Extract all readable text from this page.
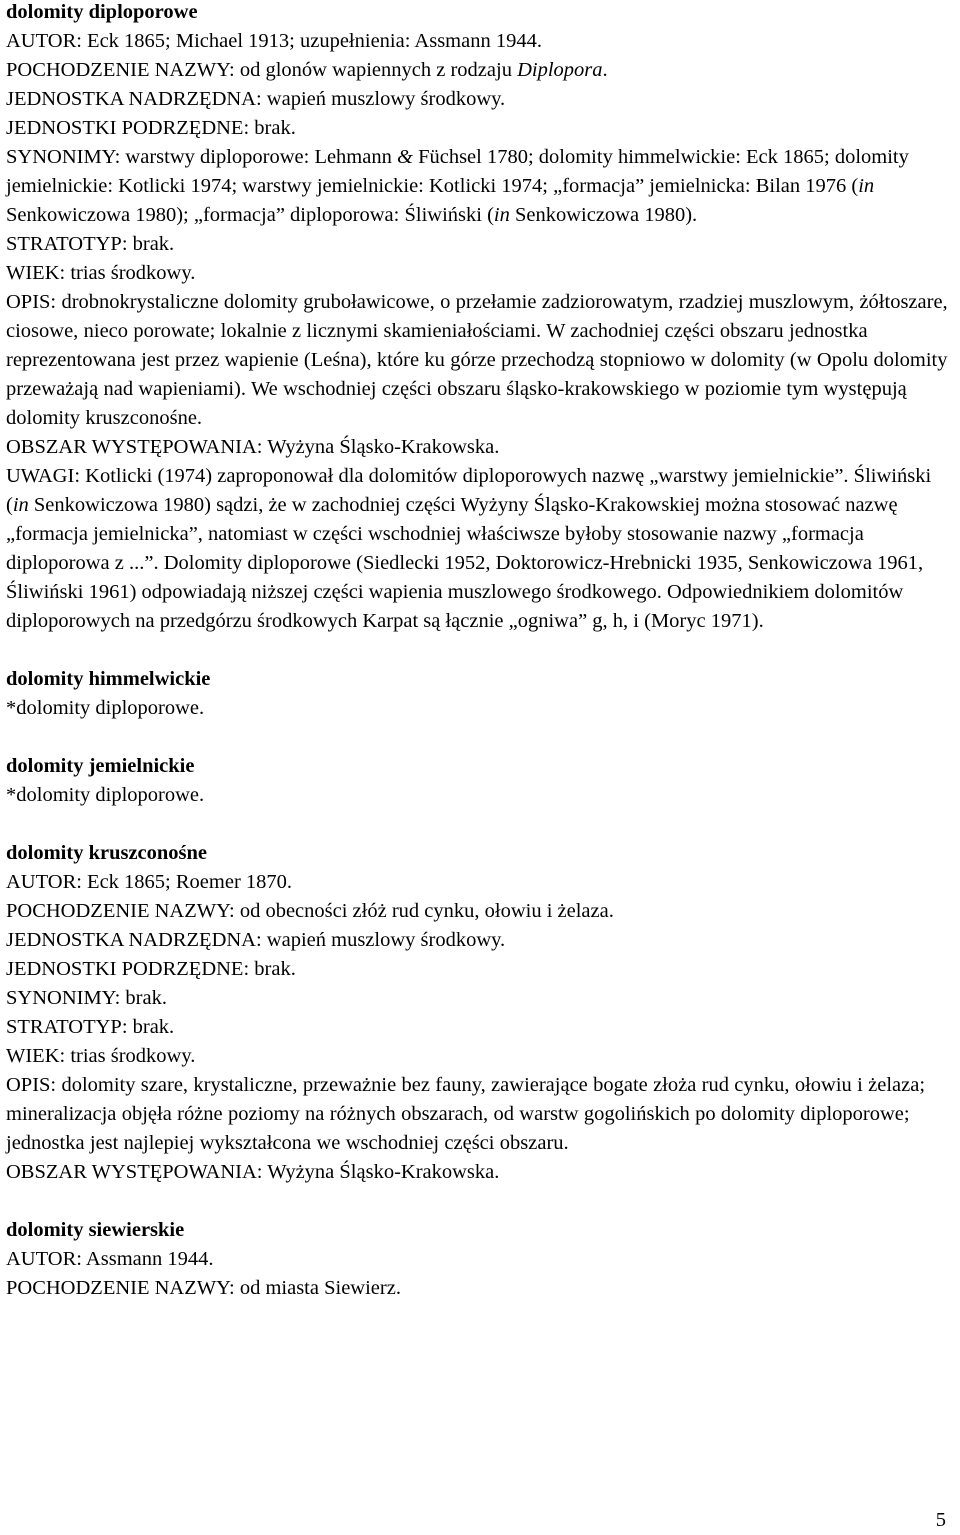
dolomity diploporowe
AUTOR: Eck 1865; Michael 1913; uzupełnienia: Assmann 1944.
POCHODZENIE NAZWY: od glonów wapiennych z rodzaju Diplopora.
JEDNOSTKA NADRZĘDNA: wapień muszlowy środkowy.
JEDNOSTKI PODRZĘDNE: brak.
SYNONIMY: warstwy diploporowe: Lehmann & Füchsel 1780; dolomity himmelwickie: Eck 1865; dolomity jemielnickie: Kotlicki 1974; warstwy jemielnickie: Kotlicki 1974; „formacja” jemielnicka: Bilan 1976 (in Senkowiczowa 1980); „formacja” diploporowa: Śliwiński (in Senkowiczowa 1980).
STRATOTYP: brak.
WIEK: trias środkowy.
OPIS: drobnokrystaliczne dolomity gruboławicowe, o przełamie zadziorowatym, rzadziej muszlowym, żółtoszare, ciosowe, nieco porowate; lokalnie z licznymi skamieniałościami. W zachodniej części obszaru jednostka reprezentowana jest przez wapienie (Leśna), które ku górze przechodzą stopniowo w dolomity (w Opolu dolomity przeważają nad wapieniami). We wschodniej części obszaru śląsko-krakowskiego w poziomie tym występują dolomity kruszconośne.
OBSZAR WYSTĘPOWANIA: Wyżyna Śląsko-Krakowska.
UWAGI: Kotlicki (1974) zaproponował dla dolomitów diploporowych nazwę „warstwy jemielnickie”. Śliwiński (in Senkowiczowa 1980) sądzi, że w zachodniej części Wyżyny Śląsko-Krakowskiej można stosować nazwę „formacja jemielnicka”, natomiast w części wschodniej właściwsze byłoby stosowanie nazwy „formacja diploporowa z ...”. Dolomity diploporowe (Siedlecki 1952, Doktorowicz-Hrebnicki 1935, Senkowiczowa 1961, Śliwiński 1961) odpowiadają niższej części wapienia muszlowego środkowego. Odpowiednikiem dolomitów diploporowych na przedgórzu środkowych Karpat są łącznie „ogniwa” g, h, i (Moryc 1971).
dolomity himmelwickie
*dolomity diploporowe.
dolomity jemielnickie
*dolomity diploporowe.
dolomity kruszconośne
AUTOR: Eck 1865; Roemer 1870.
POCHODZENIE NAZWY: od obecności złóż rud cynku, ołowiu i żelaza.
JEDNOSTKA NADRZĘDNA: wapień muszlowy środkowy.
JEDNOSTKI PODRZĘDNE: brak.
SYNONIMY: brak.
STRATOTYP: brak.
WIEK: trias środkowy.
OPIS: dolomity szare, krystaliczne, przeważnie bez fauny, zawierające bogate złoża rud cynku, ołowiu i żelaza; mineralizacja objęła różne poziomy na różnych obszarach, od warstw gogolińskich po dolomity diploporowe; jednostka jest najlepiej wykształcona we wschodniej części obszaru.
OBSZAR WYSTĘPOWANIA: Wyżyna Śląsko-Krakowska.
dolomity siewierskie
AUTOR: Assmann 1944.
POCHODZENIE NAZWY: od miasta Siewierz.
5
